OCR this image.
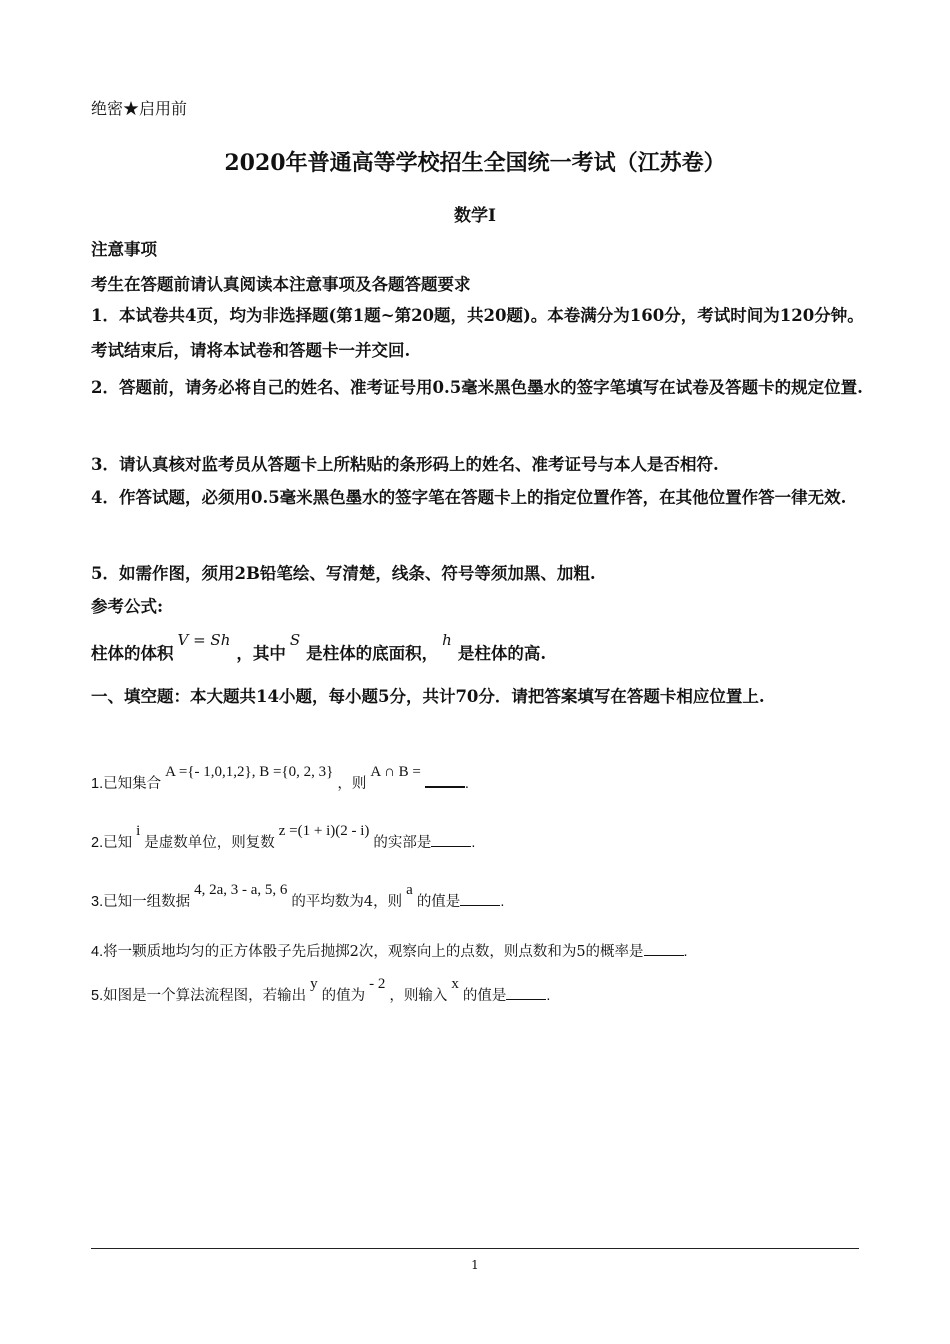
绝密★启用前
2020年普通高等学校招生全国统一考试（江苏卷）
数学Ⅰ
注意事项
考生在答题前请认真阅读本注意事项及各题答题要求
1．本试卷共4页，均为非选择题(第1题~第20题，共20题)。本卷满分为160分，考试时间为120分钟。考试结束后，请将本试卷和答题卡一并交回.
2．答题前，请务必将自己的姓名、准考证号用0.5毫米黑色墨水的签字笔填写在试卷及答题卡的规定位置.
3．请认真核对监考员从答题卡上所粘贴的条形码上的姓名、准考证号与本人是否相符.
4．作答试题，必须用0.5毫米黑色墨水的签字笔在答题卡上的指定位置作答，在其他位置作答一律无效.
5．如需作图，须用2B铅笔绘、写清楚，线条、符号等须加黑、加粗.
参考公式:
柱体的体积V = Sh，其中S是柱体的底面积，h是柱体的高.
一、填空题：本大题共14小题，每小题5分，共计70分．请把答案填写在答题卡相应位置上.
1.已知集合A ={- 1,0,1,2}, B ={0, 2, 3}，则A ∩ B =.
2.已知i是虚数单位，则复数z =(1 + i)(2 - i)的实部是	.
3.已知一组数据4, 2a, 3 - a, 5, 6的平均数为4，则a的值是	.
4.将一颗质地均匀的正方体骰子先后抛掷2次，观察向上的点数，则点数和为5的概率是	.
5.如图是一个算法流程图，若输出y的值为- 2，则输入x的值是	.
1
